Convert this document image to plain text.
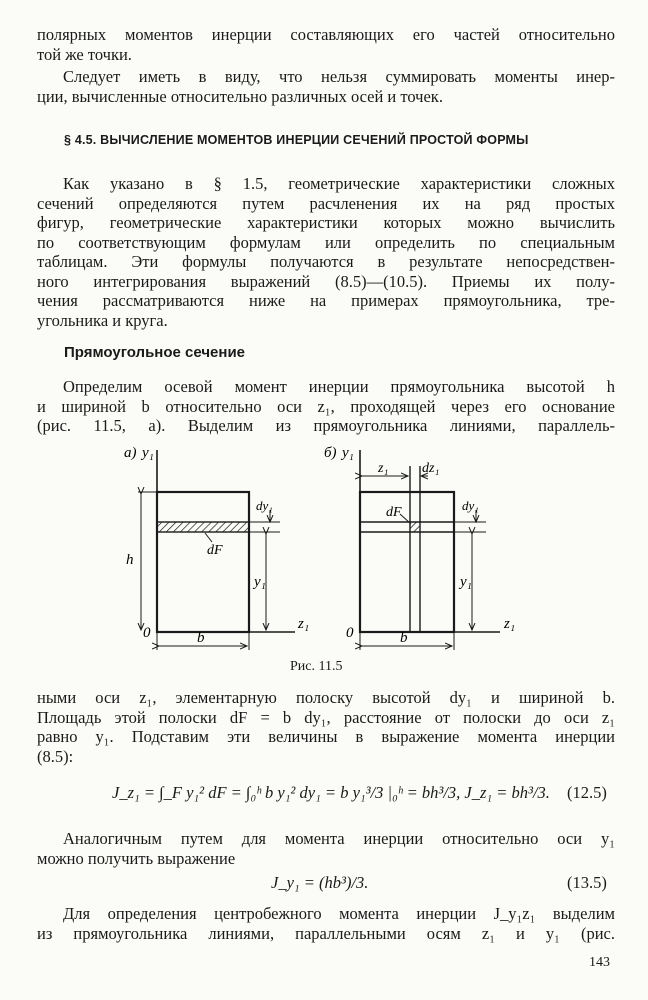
полярных моментов инерции составляющих его частей относительно
той же точки.

Следует иметь в виду, что нельзя суммировать моменты инер-
ции, вычисленные относительно различных осей и точек.

§ 4.5. ВЫЧИСЛЕНИЕ МОМЕНТОВ ИНЕРЦИИ СЕЧЕНИЙ ПРОСТОЙ ФОРМЫ

Как указано в § 1.5, геометрические характеристики сложных
сечений определяются путем расчленения их на ряд простых
фигур, геометрические характеристики которых можно вычислить
по соответствующим формулам или определить по специальным
таблицам. Эти формулы получаются в результате непосредствен-
ного интегрирования выражений (8.5)—(10.5). Приемы их полу-
чения рассматриваются ниже на примерах прямоугольника, тре-
угольника и круга.

Прямоугольное сечение

Определим осевой момент инерции прямоугольника высотой h
и шириной b относительно оси z₁, проходящей через его основание
(рис. 11.5, а). Выделим из прямоугольника линиями, параллель-

а) y₁
z₁
dF
h
dy₁
y₁
b
0
б) y₁
z₁
dF
z₁ dz₁
dy₁
y₁
b
0

Рис. 11.5

ными оси z₁, элементарную полоску высотой dy₁ и шириной b.
Площадь этой полоски dF = b dy₁, расстояние от полоски до оси z₁
равно y₁. Подставим эти величины в выражение момента инерции
(8.5):

J_z₁ = ∫_F y₁² dF = ∫₀ʰ b y₁² dy₁ = b y₁³/3 |₀ʰ = bh³/3, J_z₁ = bh³/3. (12.5)

Аналогичным путем для момента инерции относительно оси y₁
можно получить выражение

J_y₁ = (hb³)/3.	(13.5)

Для определения центробежного момента инерции J_y₁z₁ выделим
из прямоугольника линиями, параллельными осям z₁ и y₁ (рис.

143
